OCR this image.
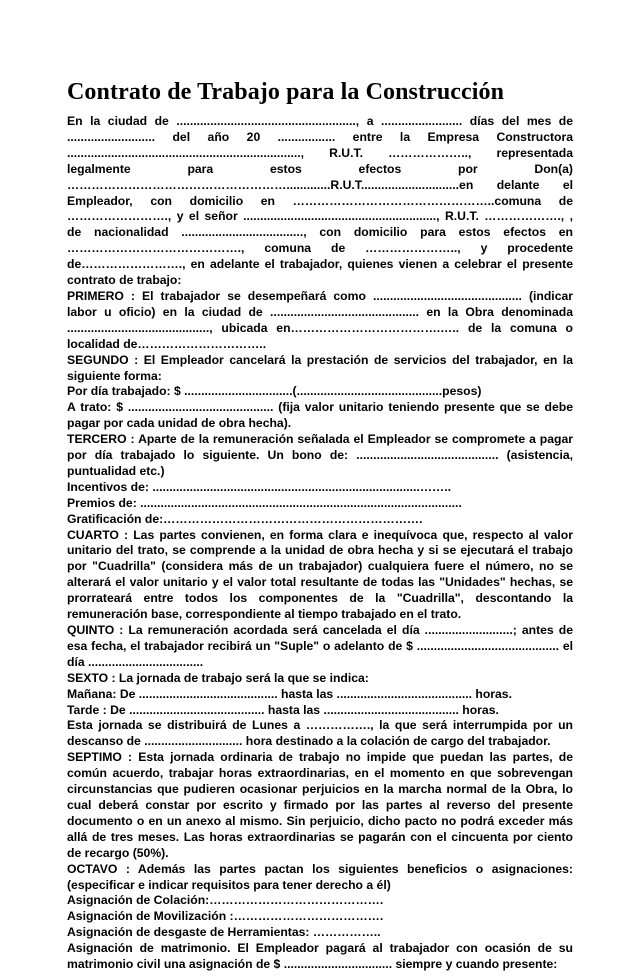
Contrato de Trabajo para la Construcción

En la ciudad de ....................................................., a ........................ días del mes de .......................... del año 20 ................. entre la Empresa Constructora ....................................................................., R.U.T. ……………….., representada legalmente para estos efectos por Don(a) ……………………………………………….............R.U.T.............................en delante el Empleador, con domicilio en …………………………………………..comuna de ……………………., y el señor ........................................................., R.U.T. ………………., , de nacionalidad ...................................., con domicilio para estos efectos en ……………………………………., comuna de ………………….., y procedente de……………………., en adelante el trabajador, quienes vienen a celebrar el presente contrato de trabajo:

PRIMERO : El trabajador se desempeñará como ............................................ (indicar labor u oficio) en la ciudad de ............................................ en la Obra denominada .........................................., ubicada en……………………………….….. de la comuna o localidad de…………………………..

SEGUNDO : El Empleador cancelará la prestación de servicios del trabajador, en la siguiente forma:

Por día trabajado: $ ................................(...........................................pesos)

A trato: $ ........................................... (fija valor unitario teniendo presente que se debe pagar por cada unidad de obra hecha).

TERCERO : Aparte de la remuneración señalada el Empleador se compromete a pagar por día trabajado lo siguiente. Un bono de: .......................................... (asistencia, puntualidad etc.)

Incentivos de: ...............................................................................……..

Premios de: ...............................................................................................

Gratificación de:……………………………………………………….

CUARTO : Las partes convienen, en forma clara e inequívoca que, respecto al valor unitario del trato, se comprende a la unidad de obra hecha y si se ejecutará el trabajo por "Cuadrilla" (considera más de un trabajador) cualquiera fuere el número, no se alterará el valor unitario y el valor total resultante de todas las "Unidades" hechas, se prorrateará entre todos los componentes de la "Cuadrilla", descontando la remuneración base, correspondiente al tiempo trabajado en el trato.

QUINTO : La remuneración acordada será cancelada el día ..........................; antes de esa fecha, el trabajador recibirá un "Suple" o adelanto de $ .......................................... el día ..................................

SEXTO : La jornada de trabajo será la que se indica:

Mañana: De ......................................... hasta las ........................................ horas.

Tarde : De ........................................ hasta las ........................................ horas.

Esta jornada se distribuirá de Lunes a ……………., la que será interrumpida por un descanso de ............................. hora destinado a la colación de cargo del trabajador.

SEPTIMO : Esta jornada ordinaria de trabajo no impide que puedan las partes, de común acuerdo, trabajar horas extraordinarias, en el momento en que sobrevengan circunstancias que pudieren ocasionar perjuicios en la marcha normal de la Obra, lo cual deberá constar por escrito y firmado por las partes al reverso del presente documento o en un anexo al mismo. Sin perjuicio, dicho pacto no podrá exceder más allá de tres meses. Las horas extraordinarias se pagarán con el cincuenta por ciento de recargo (50%).

OCTAVO : Además las partes pactan los siguientes beneficios o asignaciones: (especificar e indicar requisitos para tener derecho a él)

Asignación de Colación:…………………………………….

Asignación de Movilización :……………………………….

Asignación de desgaste de Herramientas: ……………..

Asignación de matrimonio. El Empleador pagará al trabajador con ocasión de su matrimonio civil una asignación de $ ................................ siempre y cuando presente:
